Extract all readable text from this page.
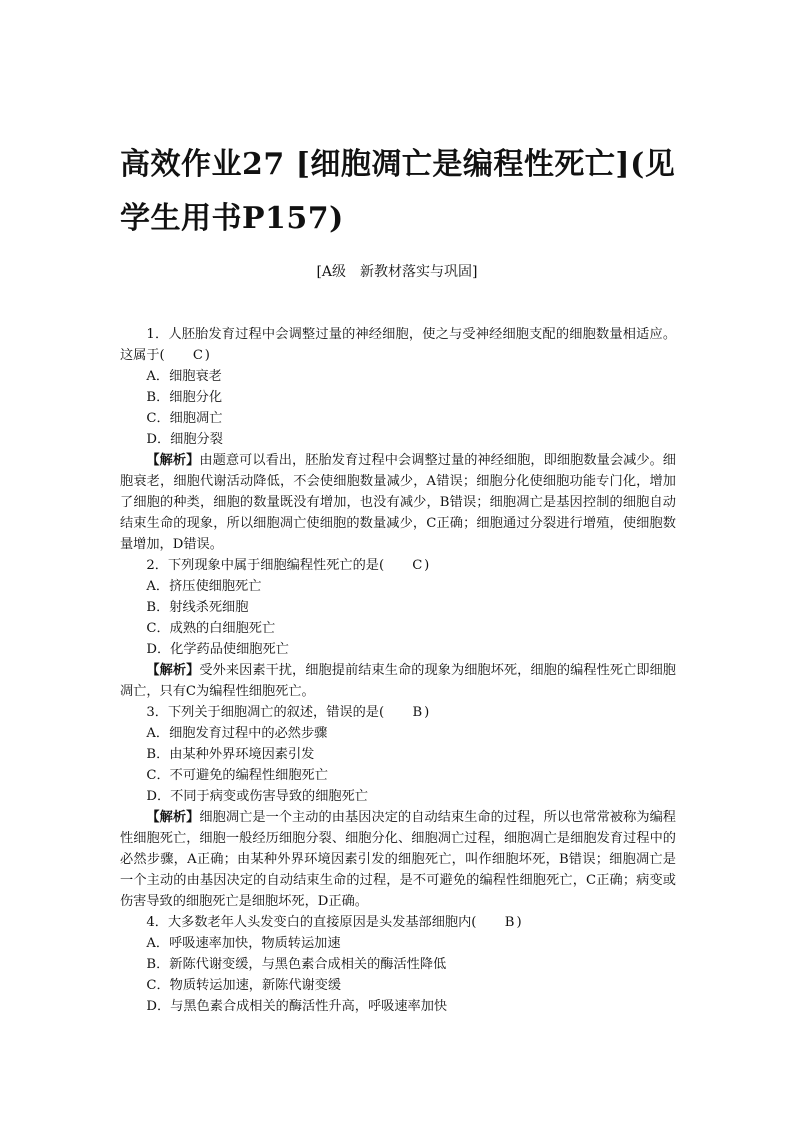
高效作业27 [细胞凋亡是编程性死亡](见学生用书P157)
[A级　新教材落实与巩固]

1．人胚胎发育过程中会调整过量的神经细胞，使之与受神经细胞支配的细胞数量相适应。这属于( C )

A．细胞衰老

B．细胞分化

C．细胞凋亡

D．细胞分裂

【解析】由题意可以看出，胚胎发育过程中会调整过量的神经细胞，即细胞数量会减少。细胞衰老，细胞代谢活动降低，不会使细胞数量减少，A错误；细胞分化使细胞功能专门化，增加了细胞的种类，细胞的数量既没有增加，也没有减少，B错误；细胞凋亡是基因控制的细胞自动结束生命的现象，所以细胞凋亡使细胞的数量减少，C正确；细胞通过分裂进行增殖，使细胞数量增加，D错误。

2．下列现象中属于细胞编程性死亡的是( C )

A．挤压使细胞死亡

B．射线杀死细胞

C．成熟的白细胞死亡

D．化学药品使细胞死亡

【解析】受外来因素干扰，细胞提前结束生命的现象为细胞坏死，细胞的编程性死亡即细胞凋亡，只有C为编程性细胞死亡。

3．下列关于细胞凋亡的叙述，错误的是( B )

A．细胞发育过程中的必然步骤

B．由某种外界环境因素引发

C．不可避免的编程性细胞死亡

D．不同于病变或伤害导致的细胞死亡

【解析】细胞凋亡是一个主动的由基因决定的自动结束生命的过程，所以也常常被称为编程性细胞死亡，细胞一般经历细胞分裂、细胞分化、细胞凋亡过程，细胞凋亡是细胞发育过程中的必然步骤，A正确；由某种外界环境因素引发的细胞死亡，叫作细胞坏死，B错误；细胞凋亡是一个主动的由基因决定的自动结束生命的过程，是不可避免的编程性细胞死亡，C正确；病变或伤害导致的细胞死亡是细胞坏死，D正确。

4．大多数老年人头发变白的直接原因是头发基部细胞内( B )

A．呼吸速率加快，物质转运加速

B．新陈代谢变缓，与黑色素合成相关的酶活性降低

C．物质转运加速，新陈代谢变缓

D．与黑色素合成相关的酶活性升高，呼吸速率加快
